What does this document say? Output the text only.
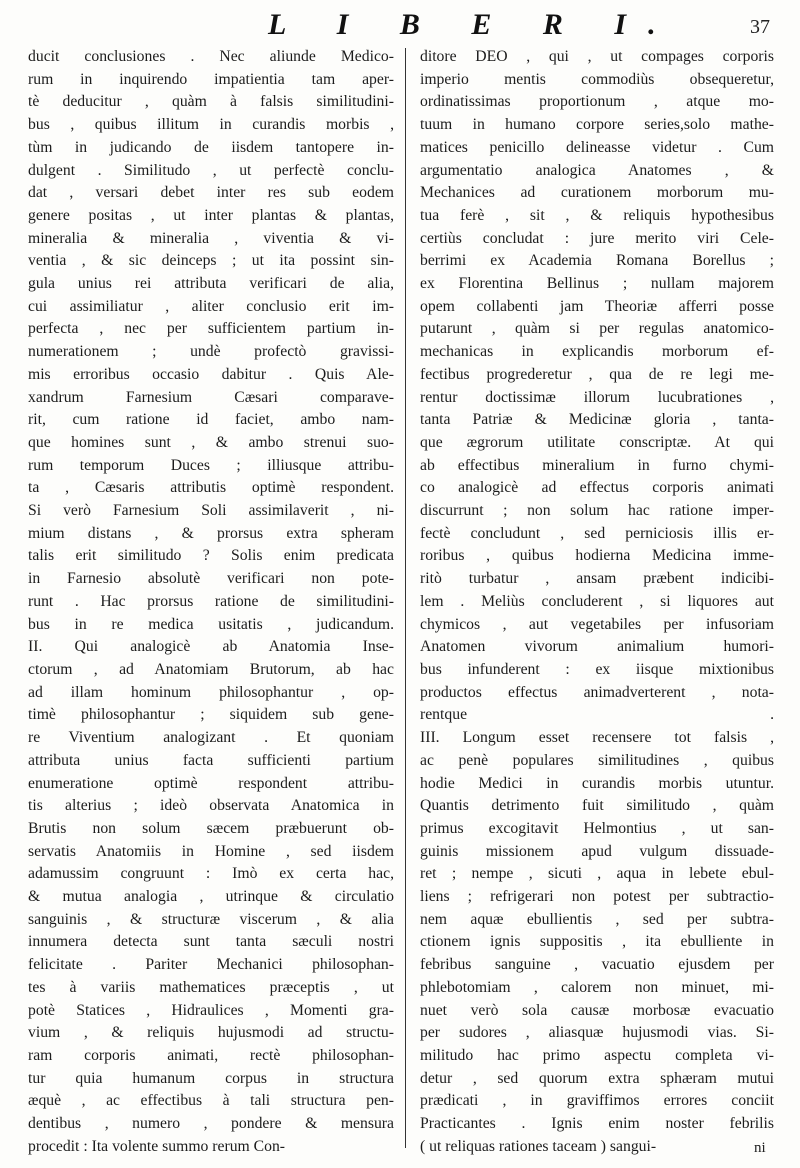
L I B E R I.	37
ducit conclusiones . Nec aliunde Medico-
rum in inquirendo impatientia tam aper-
tè deducitur , quàm à falsis similitudini-
bus , quibus illitum in curandis morbis ,
tùm in judicando de iisdem tantopere in-
dulgent . Similitudo , ut perfectè conclu-
dat , versari debet inter res sub eodem
genere positas , ut inter plantas & plantas,
mineralia & mineralia , viventia & vi-
ventia , & sic deinceps ; ut ita possint sin-
gula unius rei attributa verificari de alia,
cui assimiliatur , aliter conclusio erit im-
perfecta , nec per sufficientem partium in-
numerationem ; undè profectò gravissi-
mis erroribus occasio dabitur . Quis Ale-
xandrum Farnesium Cæsari comparave-
rit, cum ratione id faciet, ambo nam-
que homines sunt , & ambo strenui suo-
rum temporum Duces ; illiusque attribu-
ta , Cæsaris attributis optimè respondent.
Si verò Farnesium Soli assimilaverit , ni-
mium distans , & prorsus extra spheram
talis erit similitudo ? Solis enim predicata
in Farnesio absolutè verificari non pote-
runt . Hac prorsus ratione de similitudini-
bus in re medica usitatis , judicandum.
II. Qui analogicè ab Anatomia Inse-
ctorum , ad Anatomiam Brutorum, ab hac
ad illam hominum philosophantur , op-
timè philosophantur ; siquidem sub gene-
re Viventium analogizant . Et quoniam
attributa unius facta sufficienti partium
enumeratione optimè respondent attribu-
tis alterius ; ideò observata Anatomica in
Brutis non solum sæcem præbuerunt ob-
servatis Anatomiis in Homine , sed iisdem
adamussim congruunt : Imò ex certa hac,
& mutua analogia , utrinque & circulatio
sanguinis , & structuræ viscerum , & alia
innumera detecta sunt tanta sæculi nostri
felicitate . Pariter Mechanici philosophan-
tes à variis mathematices præceptis , ut
potè Statices , Hidraulices , Momenti gra-
vium , & reliquis hujusmodi ad structu-
ram corporis animati, rectè philosophan-
tur quia humanum corpus in structura
æquè , ac effectibus à tali structura pen-
dentibus , numero , pondere & mensura
procedit : Ita volente summo rerum Con-
ditore DEO , qui , ut compages corporis
imperio mentis commodiùs obsequeretur,
ordinatissimas proportionum , atque mo-
tuum in humano corpore series,solo mathe-
matices penicillo delineasse videtur . Cum
argumentatio analogica Anatomes , &
Mechanices ad curationem morborum mu-
tua ferè , sit , & reliquis hypothesibus
certiùs concludat : jure merito viri Cele-
berrimi ex Academia Romana Borellus ;
ex Florentina Bellinus ; nullam majorem
opem collabenti jam Theoriæ afferri posse
putarunt , quàm si per regulas anatomico-
mechanicas in explicandis morborum ef-
fectibus progrederetur , qua de re legi me-
rentur doctissimæ illorum lucubrationes ,
tanta Patriæ & Medicinæ gloria , tanta-
que ægrorum utilitate conscriptæ. At qui
ab effectibus mineralium in furno chymi-
co analogicè ad effectus corporis animati
discurrunt ; non solum hac ratione imper-
fectè concludunt , sed perniciosis illis er-
roribus , quibus hodierna Medicina imme-
ritò turbatur , ansam præbent indicibi-
lem . Meliùs concluderent , si liquores aut
chymicos , aut vegetabiles per infusoriam
Anatomen vivorum animalium humori-
bus infunderent : ex iisque mixtionibus
productos effectus animadverterent , nota-
rentque .
III. Longum esset recensere tot falsis ,
ac penè populares similitudines , quibus
hodie Medici in curandis morbis utuntur.
Quantis detrimento fuit similitudo , quàm
primus excogitavit Helmontius , ut san-
guinis missionem apud vulgum dissuade-
ret ; nempe , sicuti , aqua in lebete ebul-
liens ; refrigerari non potest per subtractio-
nem aquæ ebullientis , sed per subtra-
ctionem ignis suppositis , ita ebulliente in
febribus sanguine , vacuatio ejusdem per
phlebotomiam , calorem non minuet, mi-
nuet verò sola causæ morbosæ evacuatio
per sudores , aliasquæ hujusmodi vias. Si-
militudo hac primo aspectu completa vi-
detur , sed quorum extra sphæram mutui
prædicati , in graviffimos errores conciit
Practicantes . Ignis enim noster febrilis
( ut reliquas rationes taceam ) sangui-	ni
